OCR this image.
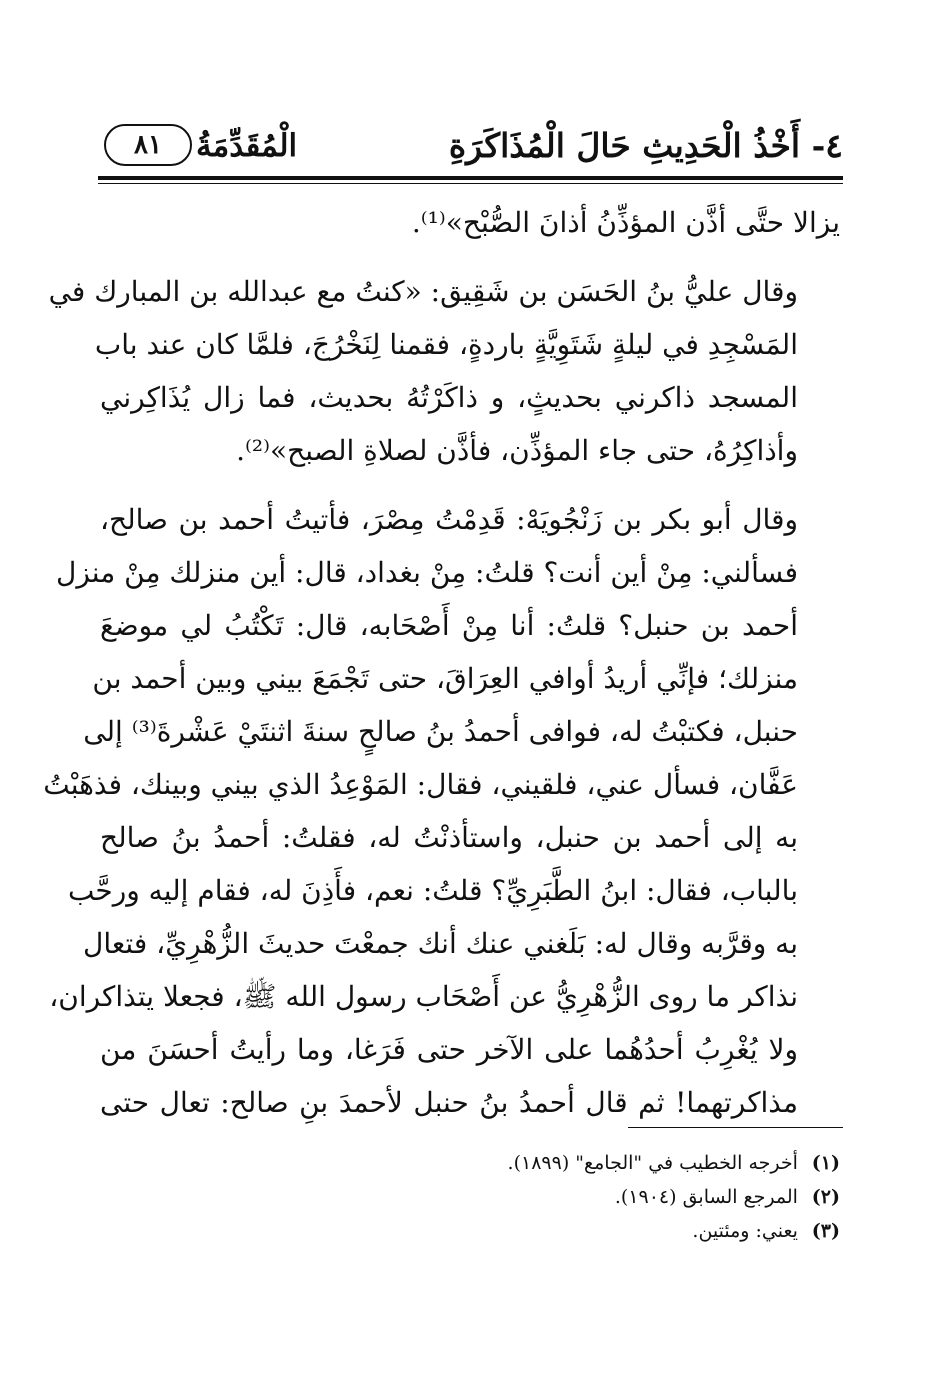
٤- أَخْذُ الْحَدِيثِ حَالَ الْمُذَاكَرَةِ
الْمُقَدِّمَةُ
٨١

يزالا حتَّى أذَّن المؤذِّنُ أذانَ الصُّبْح»⁽¹⁾.

وقال عليُّ بنُ الحَسَن بن شَقِيق: «كنتُ مع عبدالله بن المبارك في
المَسْجِدِ في ليلةٍ شَتَوِيَّةٍ باردةٍ، فقمنا لِنَخْرُجَ، فلمَّا كان عند باب
المسجد ذاكرني بحديثٍ، و ذاكَرْتُهُ بحديث، فما زال يُذَاكِرني
وأذاكِرُهُ، حتى جاء المؤذِّن، فأذَّن لصلاةِ الصبح»⁽²⁾.

وقال أبو بكر بن زَنْجُويَهْ: قَدِمْتُ مِصْرَ، فأتيتُ أحمد بن صالح،
فسألني: مِنْ أين أنت؟ قلتُ: مِنْ بغداد، قال: أين منزلك مِنْ منزل
أحمد بن حنبل؟ قلتُ: أنا مِنْ أَصْحَابه، قال: تَكْتُبُ لي موضعَ
منزلك؛ فإنِّي أريدُ أوافي العِرَاقَ، حتى تَجْمَعَ بيني وبين أحمد بن
حنبل، فكتبْتُ له، فوافى أحمدُ بنُ صالحٍ سنةَ اثنتَيْ عَشْرةَ⁽³⁾ إلى
عَفَّان، فسأل عني، فلقيني، فقال: المَوْعِدُ الذي بيني وبينك، فذهَبْتُ
به إلى أحمد بن حنبل، واستأذنْتُ له، فقلتُ: أحمدُ بنُ صالح
بالباب، فقال: ابنُ الطَّبَرِيِّ؟ قلتُ: نعم، فأَذِنَ له، فقام إليه ورحَّب
به وقرَّبه وقال له: بَلَغني عنك أنك جمعْتَ حديثَ الزُّهْرِيِّ، فتعال
نذاكر ما روى الزُّهْرِيُّ عن أَصْحَاب رسول الله ﷺ، فجعلا يتذاكران،
ولا يُغْرِبُ أحدُهُما على الآخر حتى فَرَغا، وما رأيتُ أحسَنَ من
مذاكرتهما! ثم قال أحمدُ بنُ حنبل لأحمدَ بنِ صالح: تعال حتى

(١) أخرجه الخطيب في "الجامع" (١٨٩٩).
(٢) المرجع السابق (١٩٠٤).
(٣) يعني: ومئتين.
